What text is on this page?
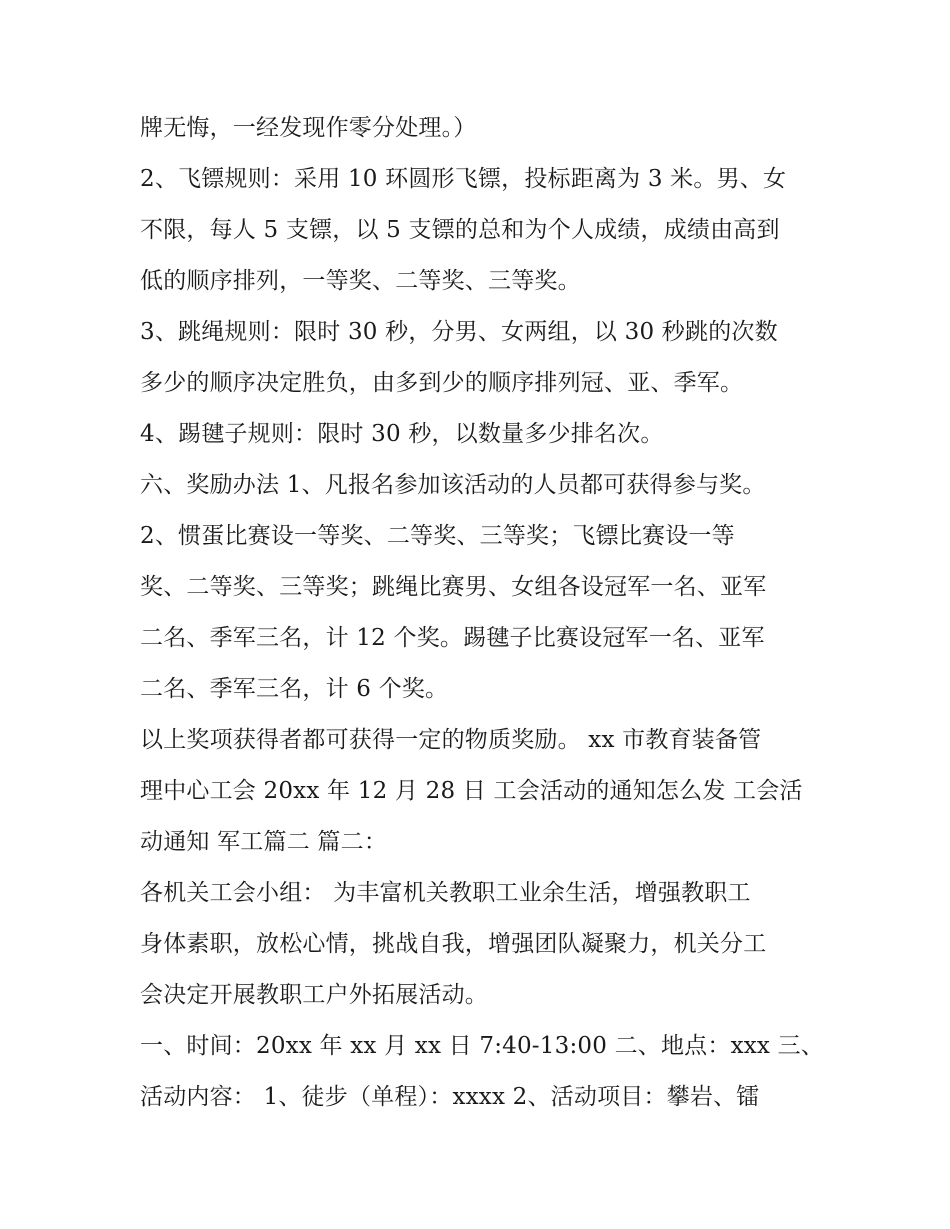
牌无悔，一经发现作零分处理。）
2、飞镖规则：采用 10 环圆形飞镖，投标距离为 3 米。男、女
不限，每人 5 支镖，以 5 支镖的总和为个人成绩，成绩由高到
低的顺序排列，一等奖、二等奖、三等奖。
3、跳绳规则：限时 30 秒，分男、女两组，以 30 秒跳的次数
多少的顺序决定胜负，由多到少的顺序排列冠、亚、季军。
4、踢毽子规则：限时 30 秒，以数量多少排名次。
六、奖励办法 1、凡报名参加该活动的人员都可获得参与奖。
2、惯蛋比赛设一等奖、二等奖、三等奖；飞镖比赛设一等
奖、二等奖、三等奖；跳绳比赛男、女组各设冠军一名、亚军
二名、季军三名，计 12 个奖。踢毽子比赛设冠军一名、亚军
二名、季军三名，计 6 个奖。
以上奖项获得者都可获得一定的物质奖励。 xx 市教育装备管
理中心工会 20xx 年 12 月 28 日 工会活动的通知怎么发 工会活
动通知 军工篇二 篇二：
各机关工会小组： 为丰富机关教职工业余生活，增强教职工
身体素职，放松心情，挑战自我，增强团队凝聚力，机关分工
会决定开展教职工户外拓展活动。
一、时间：20xx 年 xx 月 xx 日 7:40-13:00 二、地点：xxx 三、
活动内容： 1、徒步（单程）：xxxx 2、活动项目：攀岩、镭
